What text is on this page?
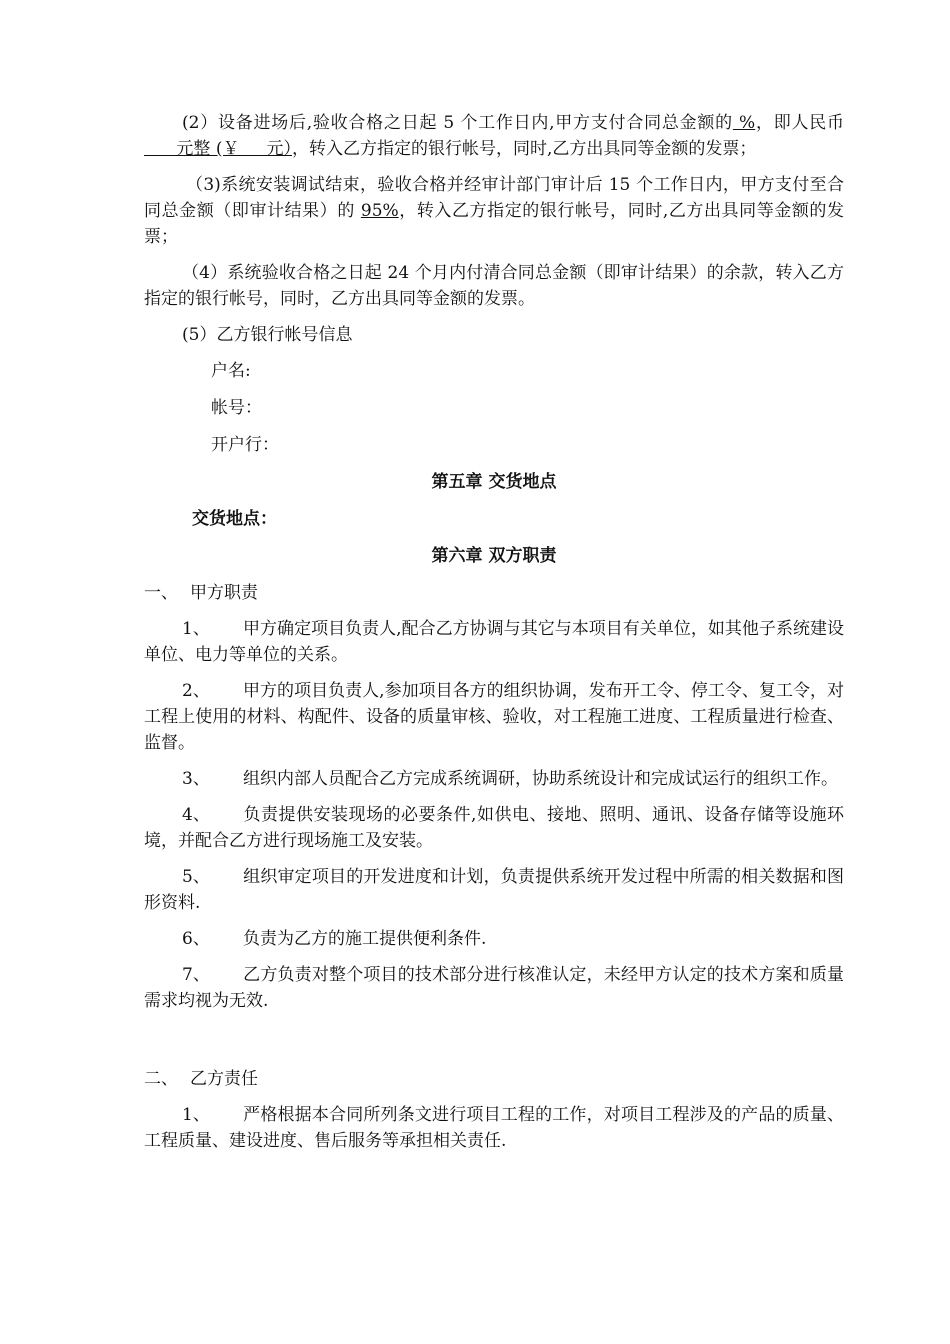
(2）设备进场后,验收合格之日起 5 个工作日内,甲方支付合同总金额的 %，即人民币      元整 (￥     元），转入乙方指定的银行帐号，同时,乙方出具同等金额的发票；

（3)系统安装调试结束，验收合格并经审计部门审计后 15 个工作日内，甲方支付至合同总金额（即审计结果）的 95%，转入乙方指定的银行帐号，同时,乙方出具同等金额的发票；

（4）系统验收合格之日起 24 个月内付清合同总金额（即审计结果）的余款，转入乙方指定的银行帐号，同时，乙方出具同等金额的发票。

(5）乙方银行帐号信息

户名:

帐号：

开户行：

第五章 交货地点

交货地点：

第六章 双方职责

一、 甲方职责

1、 甲方确定项目负责人,配合乙方协调与其它与本项目有关单位，如其他子系统建设单位、电力等单位的关系。

2、 甲方的项目负责人,参加项目各方的组织协调，发布开工令、停工令、复工令，对工程上使用的材料、构配件、设备的质量审核、验收，对工程施工进度、工程质量进行检查、监督。

3、 组织内部人员配合乙方完成系统调研，协助系统设计和完成试运行的组织工作。

4、 负责提供安装现场的必要条件,如供电、接地、照明、通讯、设备存储等设施环境，并配合乙方进行现场施工及安装。

5、 组织审定项目的开发进度和计划，负责提供系统开发过程中所需的相关数据和图形资料.

6、 负责为乙方的施工提供便利条件.

7、 乙方负责对整个项目的技术部分进行核准认定，未经甲方认定的技术方案和质量需求均视为无效.

二、 乙方责任

1、 严格根据本合同所列条文进行项目工程的工作，对项目工程涉及的产品的质量、工程质量、建设进度、售后服务等承担相关责任.
